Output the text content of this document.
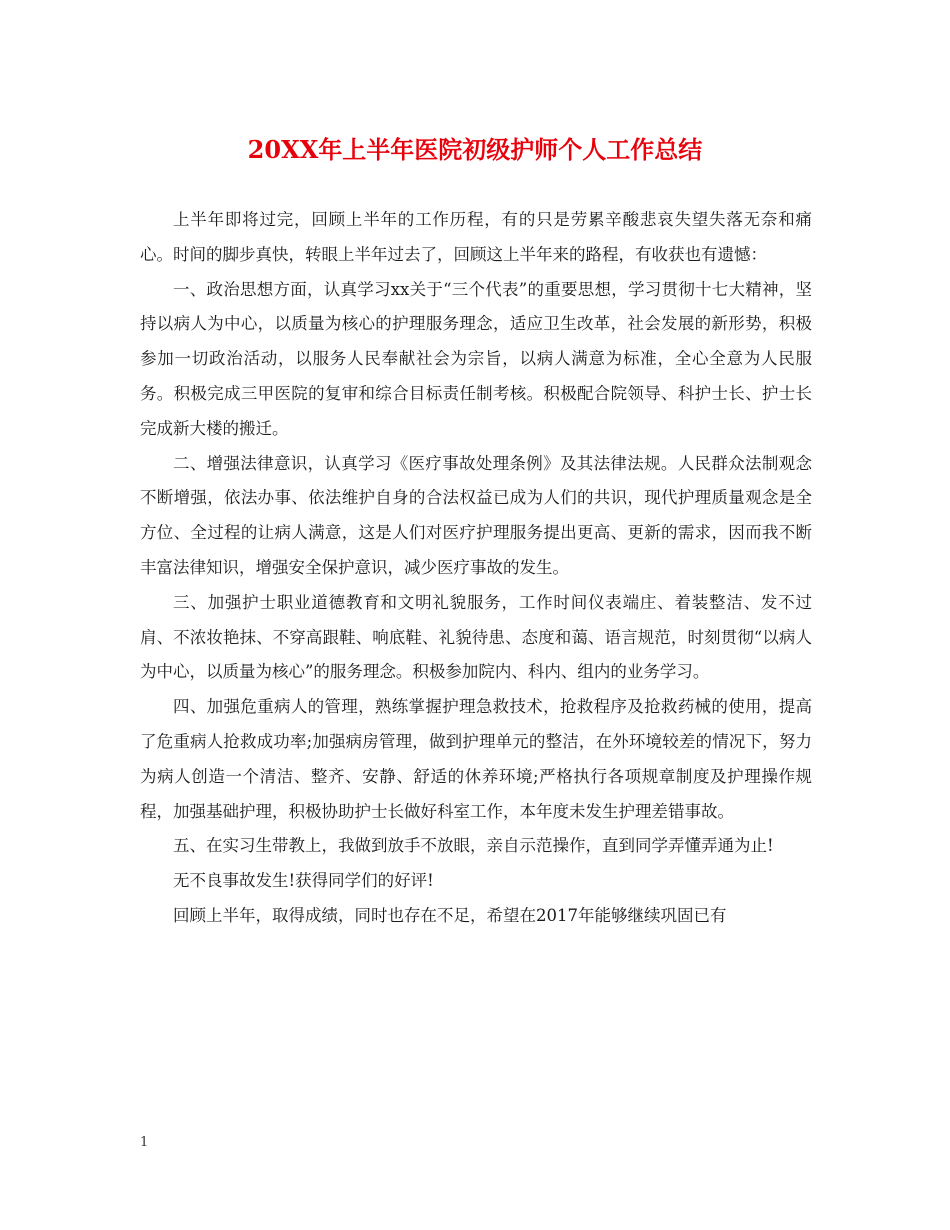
20XX年上半年医院初级护师个人工作总结

上半年即将过完，回顾上半年的工作历程，有的只是劳累辛酸悲哀失望失落无奈和痛心。时间的脚步真快，转眼上半年过去了，回顾这上半年来的路程，有收获也有遗憾：

一、政治思想方面，认真学习xx关于“三个代表”的重要思想，学习贯彻十七大精神，坚持以病人为中心，以质量为核心的护理服务理念，适应卫生改革，社会发展的新形势，积极参加一切政治活动，以服务人民奉献社会为宗旨，以病人满意为标准，全心全意为人民服务。积极完成三甲医院的复审和综合目标责任制考核。积极配合院领导、科护士长、护士长完成新大楼的搬迁。

二、增强法律意识，认真学习《医疗事故处理条例》及其法律法规。人民群众法制观念不断增强，依法办事、依法维护自身的合法权益已成为人们的共识，现代护理质量观念是全方位、全过程的让病人满意，这是人们对医疗护理服务提出更高、更新的需求，因而我不断丰富法律知识，增强安全保护意识，减少医疗事故的发生。

三、加强护士职业道德教育和文明礼貌服务，工作时间仪表端庄、着装整洁、发不过肩、不浓妆艳抹、不穿高跟鞋、响底鞋、礼貌待患、态度和蔼、语言规范，时刻贯彻“以病人为中心，以质量为核心”的服务理念。积极参加院内、科内、组内的业务学习。

四、加强危重病人的管理，熟练掌握护理急救技术，抢救程序及抢救药械的使用，提高了危重病人抢救成功率;加强病房管理，做到护理单元的整洁，在外环境较差的情况下，努力为病人创造一个清洁、整齐、安静、舒适的休养环境;严格执行各项规章制度及护理操作规程，加强基础护理，积极协助护士长做好科室工作，本年度未发生护理差错事故。

五、在实习生带教上，我做到放手不放眼，亲自示范操作，直到同学弄懂弄通为止!

无不良事故发生!获得同学们的好评!

回顾上半年，取得成绩，同时也存在不足，希望在2017年能够继续巩固已有

1
